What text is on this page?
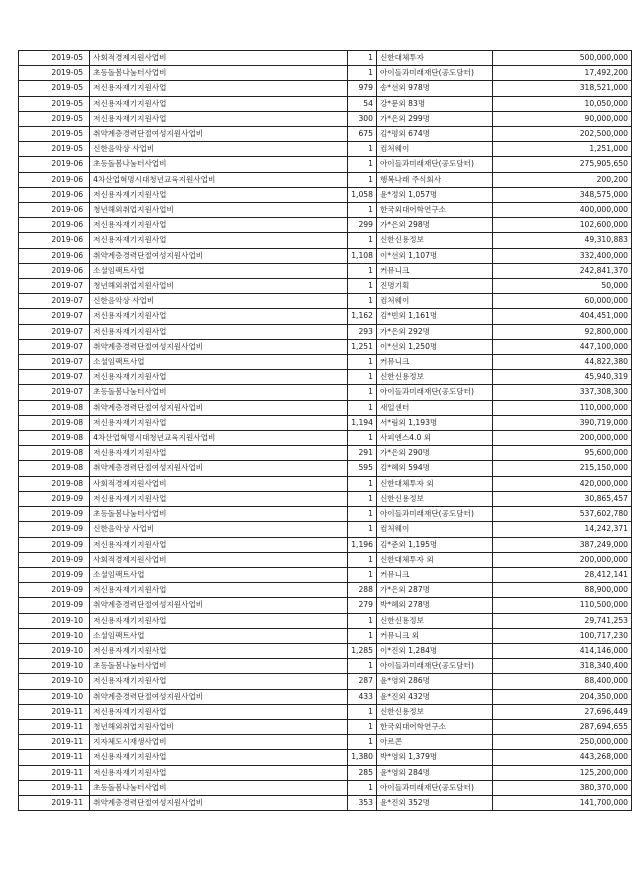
2019-05	사회적경제지원사업비	1	신한대체투자	500,000,000
2019-05	초등돌봄나눔터사업비	1	아이들과미래재단(공도담터)	17,492,200
2019-05	저신용자재기지원사업	979	송*선외 978명	318,521,000
2019-05	저신용자재기지원사업	54	강*문외 83명	10,050,000
2019-05	저신용자재기지원사업	300	가*은외 299명	90,000,000
2019-05	취약계층경력단절여성지원사업비	675	김*평외 674명	202,500,000
2019-05	신한음악상 사업비	1	컴처웨이	1,251,000
2019-06	초등돌봄나눔터사업비	1	아이들과미래재단(공도담터)	275,905,650
2019-06	4차산업혁명시대청년교육지원사업비	1	행복나래 주식회사	200,200
2019-06	저신용자재기지원사업	1,058	윤*정외 1,057명	348,575,000
2019-06	청년해외취업지원사업비	1	한국외대어학연구소	400,000,000
2019-06	저신용자재기지원사업	299	가*은외 298명	102,600,000
2019-06	저신용자재기지원사업	1	신한신용정보	49,310,883
2019-06	취약계층경력단절여성지원사업비	1,108	이*선외 1,107명	332,400,000
2019-06	소셜임팩트사업	1	커뮤니크	242,841,370
2019-07	청년해외취업지원사업비	1	진명기획	50,000
2019-07	신한음악상 사업비	1	컴처웨이	60,000,000
2019-07	저신용자재기지원사업	1,162	김*빈외 1,161명	404,451,000
2019-07	저신용자재기지원사업	293	가*은외 292명	92,800,000
2019-07	취약계층경력단절여성지원사업비	1,251	이*선외 1,250명	447,100,000
2019-07	소셜임팩트사업	1	커뮤니크	44,822,380
2019-07	저신용자재기지원사업	1	신한신용정보	45,940,319
2019-07	초등돌봄나눔터사업비	1	아이들과미래재단(공도담터)	337,308,300
2019-08	취약계층경력단절여성지원사업비	1	새일센터	110,000,000
2019-08	저신용자재기지원사업	1,194	서*림외 1,193명	390,719,000
2019-08	4차산업혁명시대청년교육지원사업비	1	사피엔스4.0 외	200,000,000
2019-08	저신용자재기지원사업	291	가*은외 290명	95,600,000
2019-08	취약계층경력단절여성지원사업비	595	김*혜외 594명	215,150,000
2019-08	사회적경제지원사업비	1	신한대체투자 외	420,000,000
2019-09	저신용자재기지원사업	1	신한신용정보	30,865,457
2019-09	초등돌봄나눔터사업비	1	아이들과미래재단(공도담터)	537,602,780
2019-09	신한음악상 사업비	1	컴처웨이	14,242,371
2019-09	저신용자재기지원사업	1,196	김*준외 1,195명	387,249,000
2019-09	사회적경제지원사업비	1	신한대체투자 외	200,000,000
2019-09	소셜임팩트사업	1	커뮤니크	28,412,141
2019-09	저신용자재기지원사업	288	가*은외 287명	88,900,000
2019-09	취약계층경력단절여성지원사업비	279	박*혜외 278명	110,500,000
2019-10	저신용자재기지원사업	1	신한신용정보	29,741,253
2019-10	소셜임팩트사업	1	커뮤니크 외	100,717,230
2019-10	저신용자재기지원사업	1,285	이*진외 1,284명	414,146,000
2019-10	초등돌봄나눔터사업비	1	아이들과미래재단(공도담터)	318,340,400
2019-10	저신용자재기지원사업	287	윤*영외 286명	88,400,000
2019-10	취약계층경력단절여성지원사업비	433	윤*진외 432명	204,350,000
2019-11	저신용자재기지원사업	1	신한신용정보	27,696,449
2019-11	청년해외취업지원사업비	1	한국외대어학연구소	287,694,655
2019-11	지자체도시재생사업비	1	아르콘	250,000,000
2019-11	저신용자재기지원사업	1,380	박*영외 1,379명	443,268,000
2019-11	저신용자재기지원사업	285	윤*영외 284명	125,200,000
2019-11	초등돌봄나눔터사업비	1	아이들과미래재단(공도담터)	380,370,000
2019-11	취약계층경력단절여성지원사업비	353	윤*진외 352명	141,700,000
